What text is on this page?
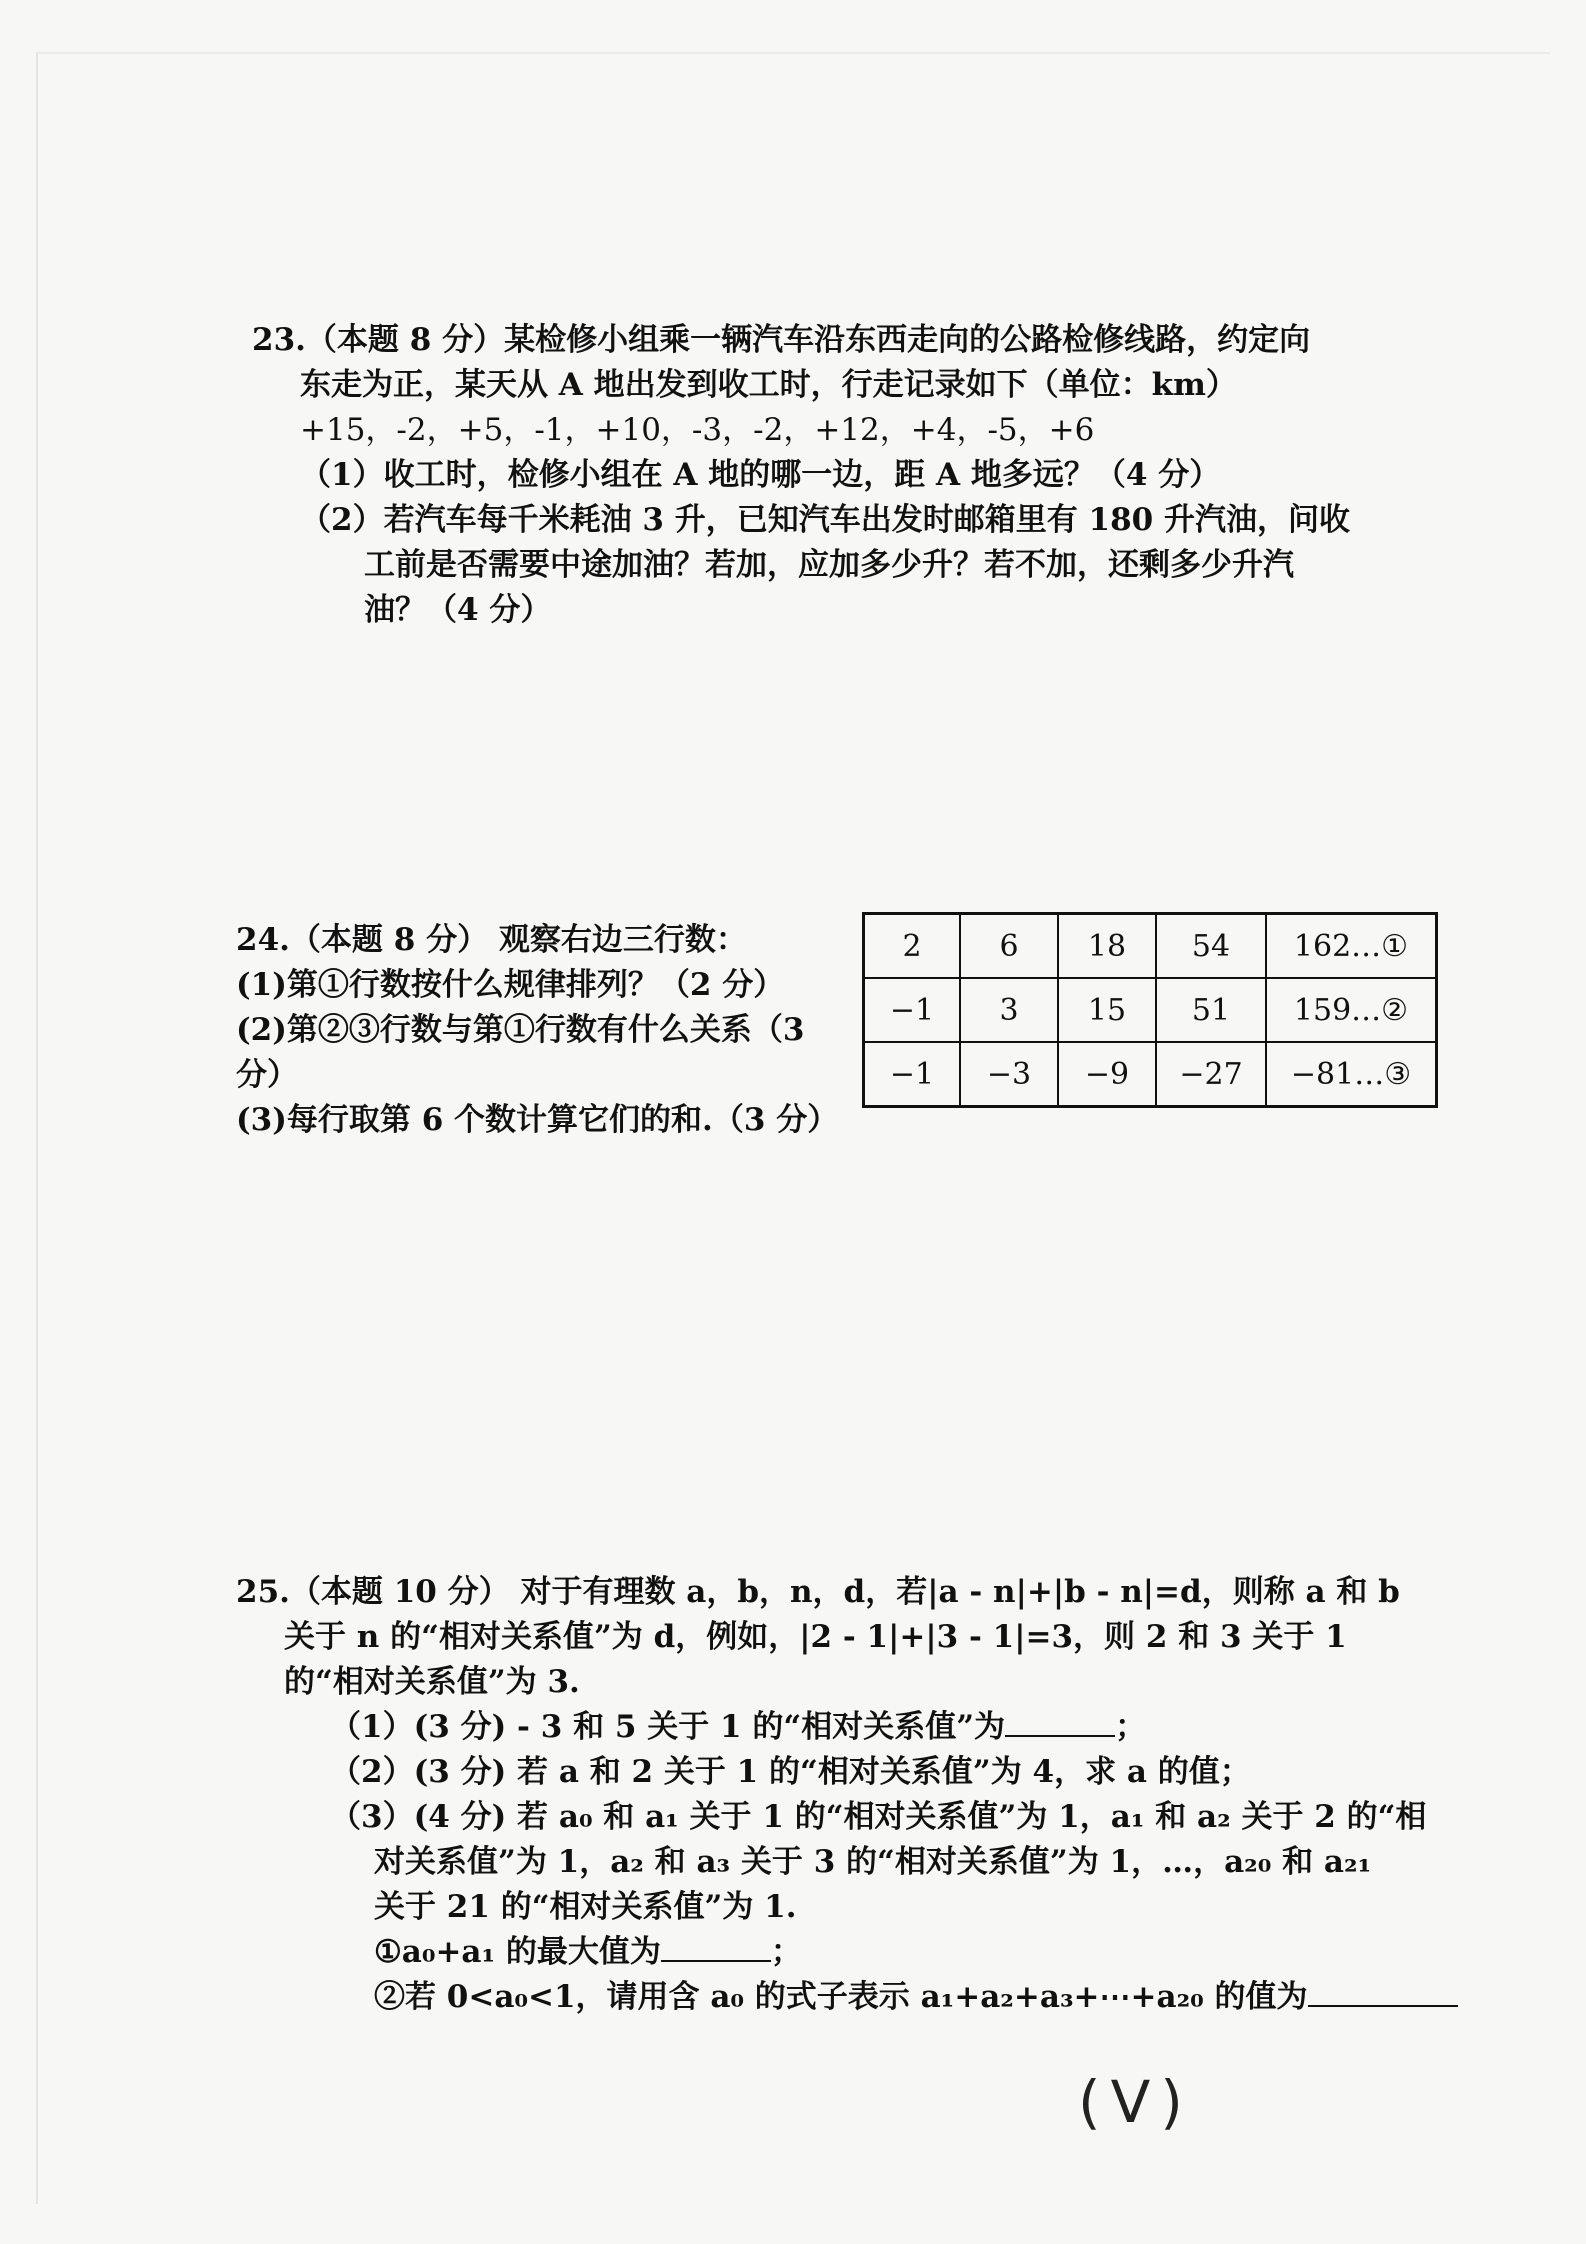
23.（本题 8 分）某检修小组乘一辆汽车沿东西走向的公路检修线路，约定向
东走为正，某天从 A 地出发到收工时，行走记录如下（单位：km）
+15，-2，+5，-1，+10，-3，-2，+12，+4，-5，+6
（1）收工时，检修小组在 A 地的哪一边，距 A 地多远？（4 分）
（2）若汽车每千米耗油 3 升，已知汽车出发时邮箱里有 180 升汽油，问收
工前是否需要中途加油？若加，应加多少升？若不加，还剩多少升汽
油？（4 分）
24.（本题 8 分） 观察右边三行数：
(1)第①行数按什么规律排列？（2 分）
(2)第②③行数与第①行数有什么关系（3
分）
(3)每行取第 6 个数计算它们的和.（3 分）
2	6	18	54	162…①
−1	3	15	51	159…②
−1	−3	−9	−27	−81…③
25.（本题 10 分） 对于有理数 a，b，n，d，若|a - n|+|b - n|=d，则称 a 和 b
关于 n 的“相对关系值”为 d，例如，|2 - 1|+|3 - 1|=3，则 2 和 3 关于 1
的“相对关系值”为 3.
（1）(3 分) - 3 和 5 关于 1 的“相对关系值”为	；
（2）(3 分) 若 a 和 2 关于 1 的“相对关系值”为 4，求 a 的值；
（3）(4 分) 若 a₀ 和 a₁ 关于 1 的“相对关系值”为 1，a₁ 和 a₂ 关于 2 的“相
对关系值”为 1，a₂ 和 a₃ 关于 3 的“相对关系值”为 1，…，a₂₀ 和 a₂₁
关于 21 的“相对关系值”为 1.
①a₀+a₁ 的最大值为	；
②若 0<a₀<1，请用含 a₀ 的式子表示 a₁+a₂+a₃+⋯+a₂₀ 的值为
(V)
